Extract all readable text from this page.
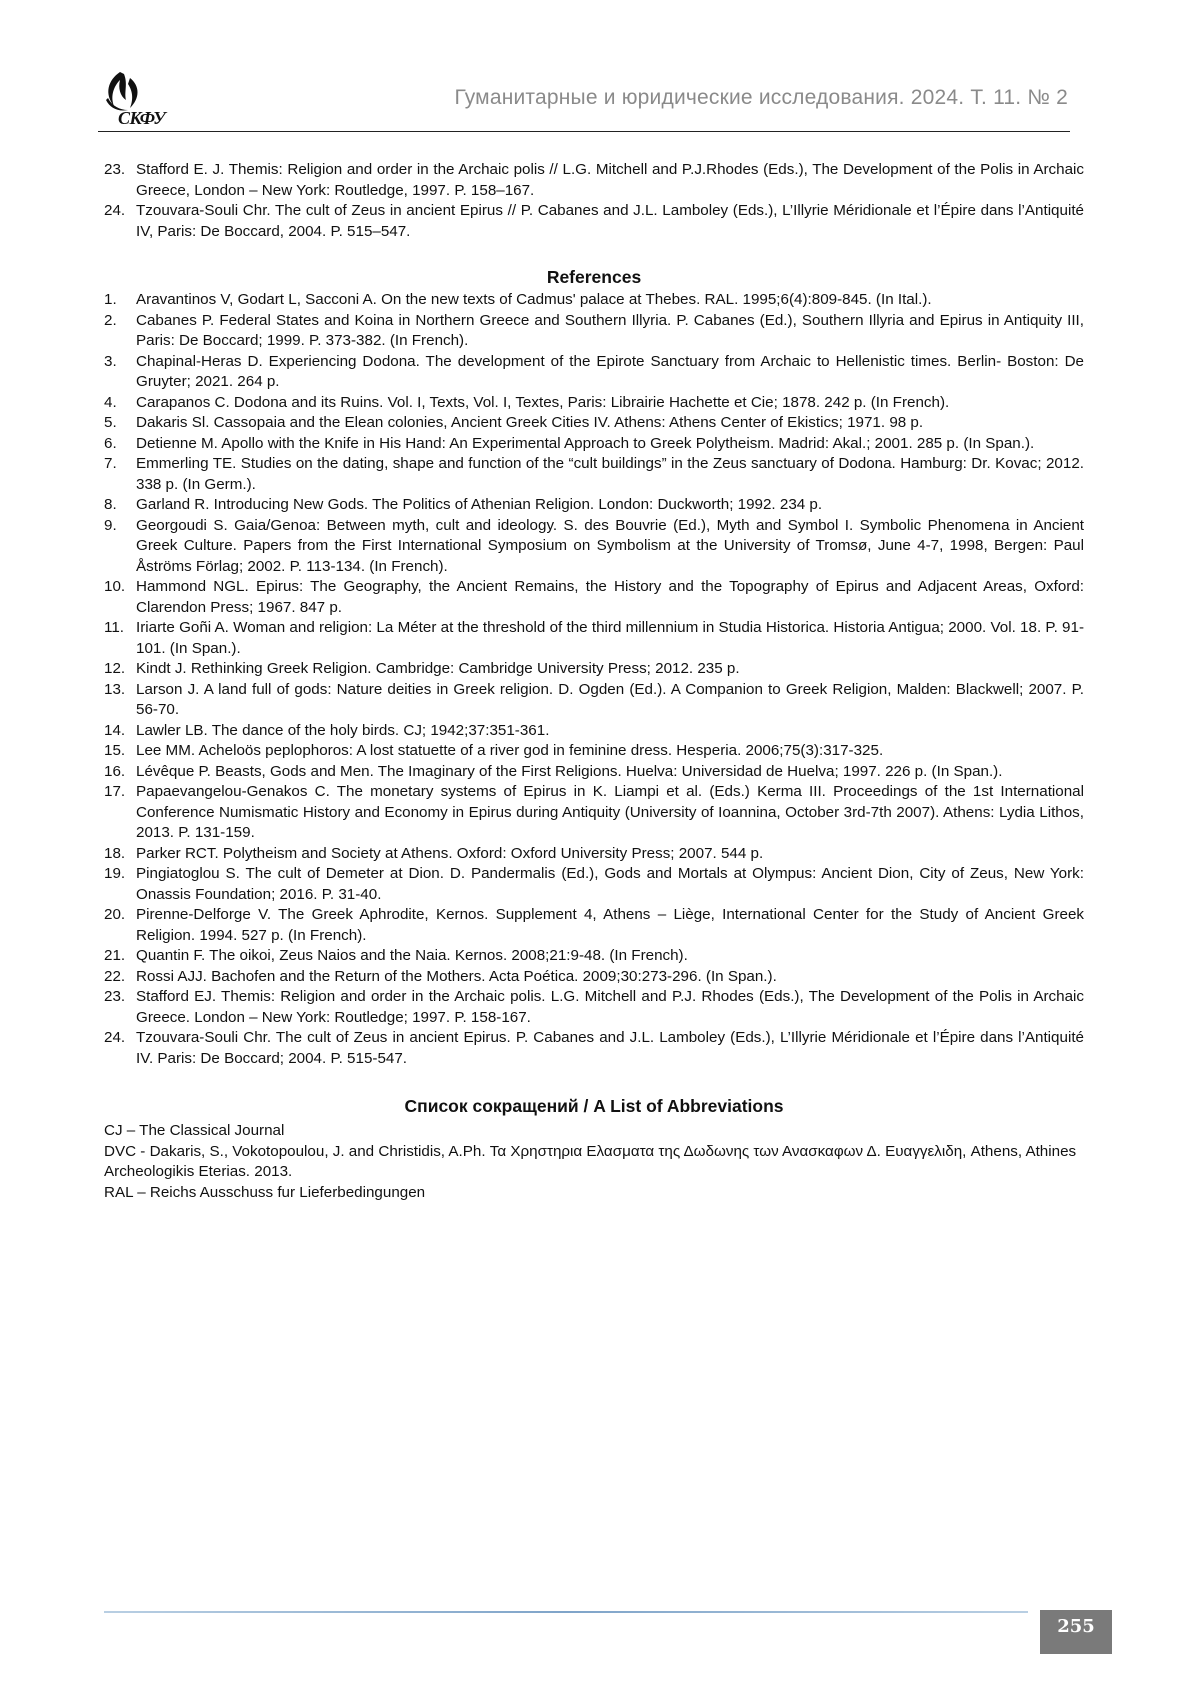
СКФУ
Гуманитарные и юридические исследования. 2024. Т. 11. № 2
23. Stafford E. J. Themis: Religion and order in the Archaic polis // L.G. Mitchell and P.J.Rhodes (Eds.), The Development of the Polis in Archaic Greece, London – New York: Routledge, 1997. P. 158–167.
24. Tzouvara-Souli Chr. The cult of Zeus in ancient Epirus // P. Cabanes and J.L. Lamboley (Eds.), L’Illyrie Méridionale et l’Épire dans l’Antiquité IV, Paris: De Boccard, 2004. P. 515–547.
References
1.	Aravantinos V, Godart L, Sacconi A. On the new texts of Cadmus' palace at Thebes. RAL. 1995;6(4):809-845. (In Ital.).
2.	Cabanes P. Federal States and Koina in Northern Greece and Southern Illyria. P. Cabanes (Ed.), Southern Illyria and Epirus in Antiquity III, Paris: De Boccard; 1999. P. 373-382. (In French).
3.	Chapinal-Heras D. Experiencing Dodona. The development of the Epirote Sanctuary from Archaic to Hellenistic times. Berlin- Boston: De Gruyter; 2021. 264 p.
4.	Carapanos C. Dodona and its Ruins. Vol. I, Texts, Vol. I, Textes, Paris: Librairie Hachette et Cie; 1878. 242 p. (In French).
5.	Dakaris Sl. Cassopaia and the Elean colonies, Ancient Greek Cities IV. Athens: Athens Center of Ekistics; 1971. 98 p.
6.	Detienne M. Apollo with the Knife in His Hand: An Experimental Approach to Greek Polytheism. Madrid: Akal.; 2001. 285 p. (In Span.).
7.	Emmerling TE. Studies on the dating, shape and function of the “cult buildings” in the Zeus sanctuary of Dodona. Hamburg: Dr. Kovac; 2012. 338 p. (In Germ.).
8.	Garland R. Introducing New Gods. The Politics of Athenian Religion. London: Duckworth; 1992. 234 p.
9.	Georgoudi S. Gaia/Genoa: Between myth, cult and ideology. S. des Bouvrie (Ed.), Myth and Symbol I. Symbolic Phenomena in Ancient Greek Culture. Papers from the First International Symposium on Symbolism at the University of Tromsø, June 4-7, 1998, Bergen: Paul Åströms Förlag; 2002. P. 113-134. (In French).
10. Hammond NGL. Epirus: The Geography, the Ancient Remains, the History and the Topography of Epirus and Adjacent Areas, Oxford: Clarendon Press; 1967. 847 p.
11. Iriarte Goñi A. Woman and religion: La Méter at the threshold of the third millennium in Studia Historica. Historia Antigua; 2000. Vol. 18. P. 91-101. (In Span.).
12. Kindt J. Rethinking Greek Religion. Cambridge: Cambridge University Press; 2012. 235 p.
13. Larson J. A land full of gods: Nature deities in Greek religion. D. Ogden (Ed.). A Companion to Greek Religion, Malden: Blackwell; 2007. P. 56-70.
14. Lawler LB. The dance of the holy birds. CJ; 1942;37:351-361.
15. Lee MM. Acheloös peplophoros: A lost statuette of a river god in feminine dress. Hesperia. 2006;75(3):317-325.
16. Lévêque P. Beasts, Gods and Men. The Imaginary of the First Religions. Huelva: Universidad de Huelva; 1997. 226 p. (In Span.).
17. Papaevangelou-Genakos C. The monetary systems of Epirus in K. Liampi et al. (Eds.) Kerma III. Proceedings of the 1st International Conference Numismatic History and Economy in Epirus during Antiquity (University of Ioannina, October 3rd-7th 2007). Athens: Lydia Lithos, 2013. P. 131-159.
18. Parker RCT. Polytheism and Society at Athens. Oxford: Oxford University Press; 2007. 544 p.
19. Pingiatoglou S. The cult of Demeter at Dion. D. Pandermalis (Ed.), Gods and Mortals at Olympus: Ancient Dion, City of Zeus, New York: Onassis Foundation; 2016. P. 31-40.
20. Pirenne-Delforge V. The Greek Aphrodite, Kernos. Supplement 4, Athens – Liège, International Center for the Study of Ancient Greek Religion. 1994. 527 p. (In French).
21. Quantin F. The oikoi, Zeus Naios and the Naia. Kernos. 2008;21:9-48. (In French).
22. Rossi AJJ. Bachofen and the Return of the Mothers. Acta Poética. 2009;30:273-296. (In Span.).
23. Stafford EJ. Themis: Religion and order in the Archaic polis. L.G. Mitchell and P.J. Rhodes (Eds.), The Development of the Polis in Archaic Greece. London – New York: Routledge; 1997. P. 158-167.
24. Tzouvara-Souli Chr. The cult of Zeus in ancient Epirus. P. Cabanes and J.L. Lamboley (Eds.), L’Illyrie Méridionale et l’Épire dans l’Antiquité IV. Paris: De Boccard; 2004. P. 515-547.
Список сокращений / A List of Abbreviations
CJ – The Classical Journal
DVC - Dakaris, S., Vokotopoulou, J. and Christidis, A.Ph. Τα Χρηστηρια Ελασματα της Δωδωνης των Ανασκαφων Δ. Ευαγγελιδη, Athens, Athines Archeologikis Eterias. 2013.
RAL – Reichs Ausschuss fur Lieferbedingungen
255
